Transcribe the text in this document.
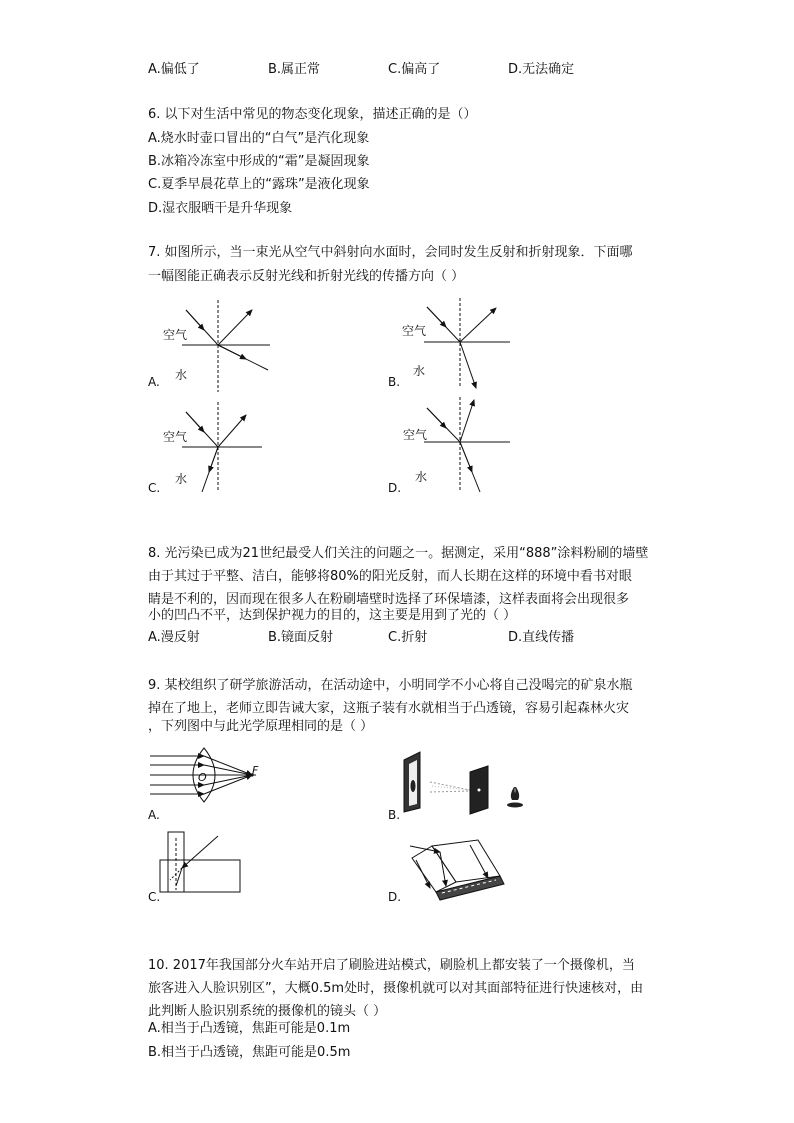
A.偏低了	B.属正常	C.偏高了	D.无法确定
6. 以下对生活中常见的物态变化现象，描述正确的是（）
A.烧水时壶口冒出的“白气”是汽化现象
B.冰箱冷冻室中形成的“霜”是凝固现象
C.夏季早晨花草上的“露珠”是液化现象
D.湿衣服晒干是升华现象
7. 如图所示，当一束光从空气中斜射向水面时，会同时发生反射和折射现象．下面哪
一幅图能正确表示反射光线和折射光线的传播方向（ ）
A.
空气
水	B.
空气
水
C.
空气
水
D.
空气
水
8. 光污染已成为21世纪最受人们关注的问题之一。据测定，采用“888”涂料粉刷的墙壁
由于其过于平整、洁白，能够将80%的阳光反射，而人长期在这样的环境中看书对眼
睛是不利的，因而现在很多人在粉刷墙壁时选择了环保墙漆，这样表面将会出现很多
小的凹凸不平，达到保护视力的目的，这主要是用到了光的（ ）
A.漫反射	B.镜面反射	C.折射	D.直线传播
9. 某校组织了研学旅游活动，在活动途中，小明同学不小心将自己没喝完的矿泉水瓶
掉在了地上，老师立即告诫大家，这瓶子装有水就相当于凸透镜，容易引起森林火灾
，下列图中与此光学原理相同的是（ ）
A.
O
F
B.
C.	D.
10. 2017年我国部分火车站开启了刷脸进站模式，刷脸机上都安装了一个摄像机，当
旅客进入人脸识别区”，大概0.5m处时，摄像机就可以对其面部特征进行快速核对，由
此判断人脸识别系统的摄像机的镜头（ ）
A.相当于凸透镜，焦距可能是0.1m
B.相当于凸透镜，焦距可能是0.5m
